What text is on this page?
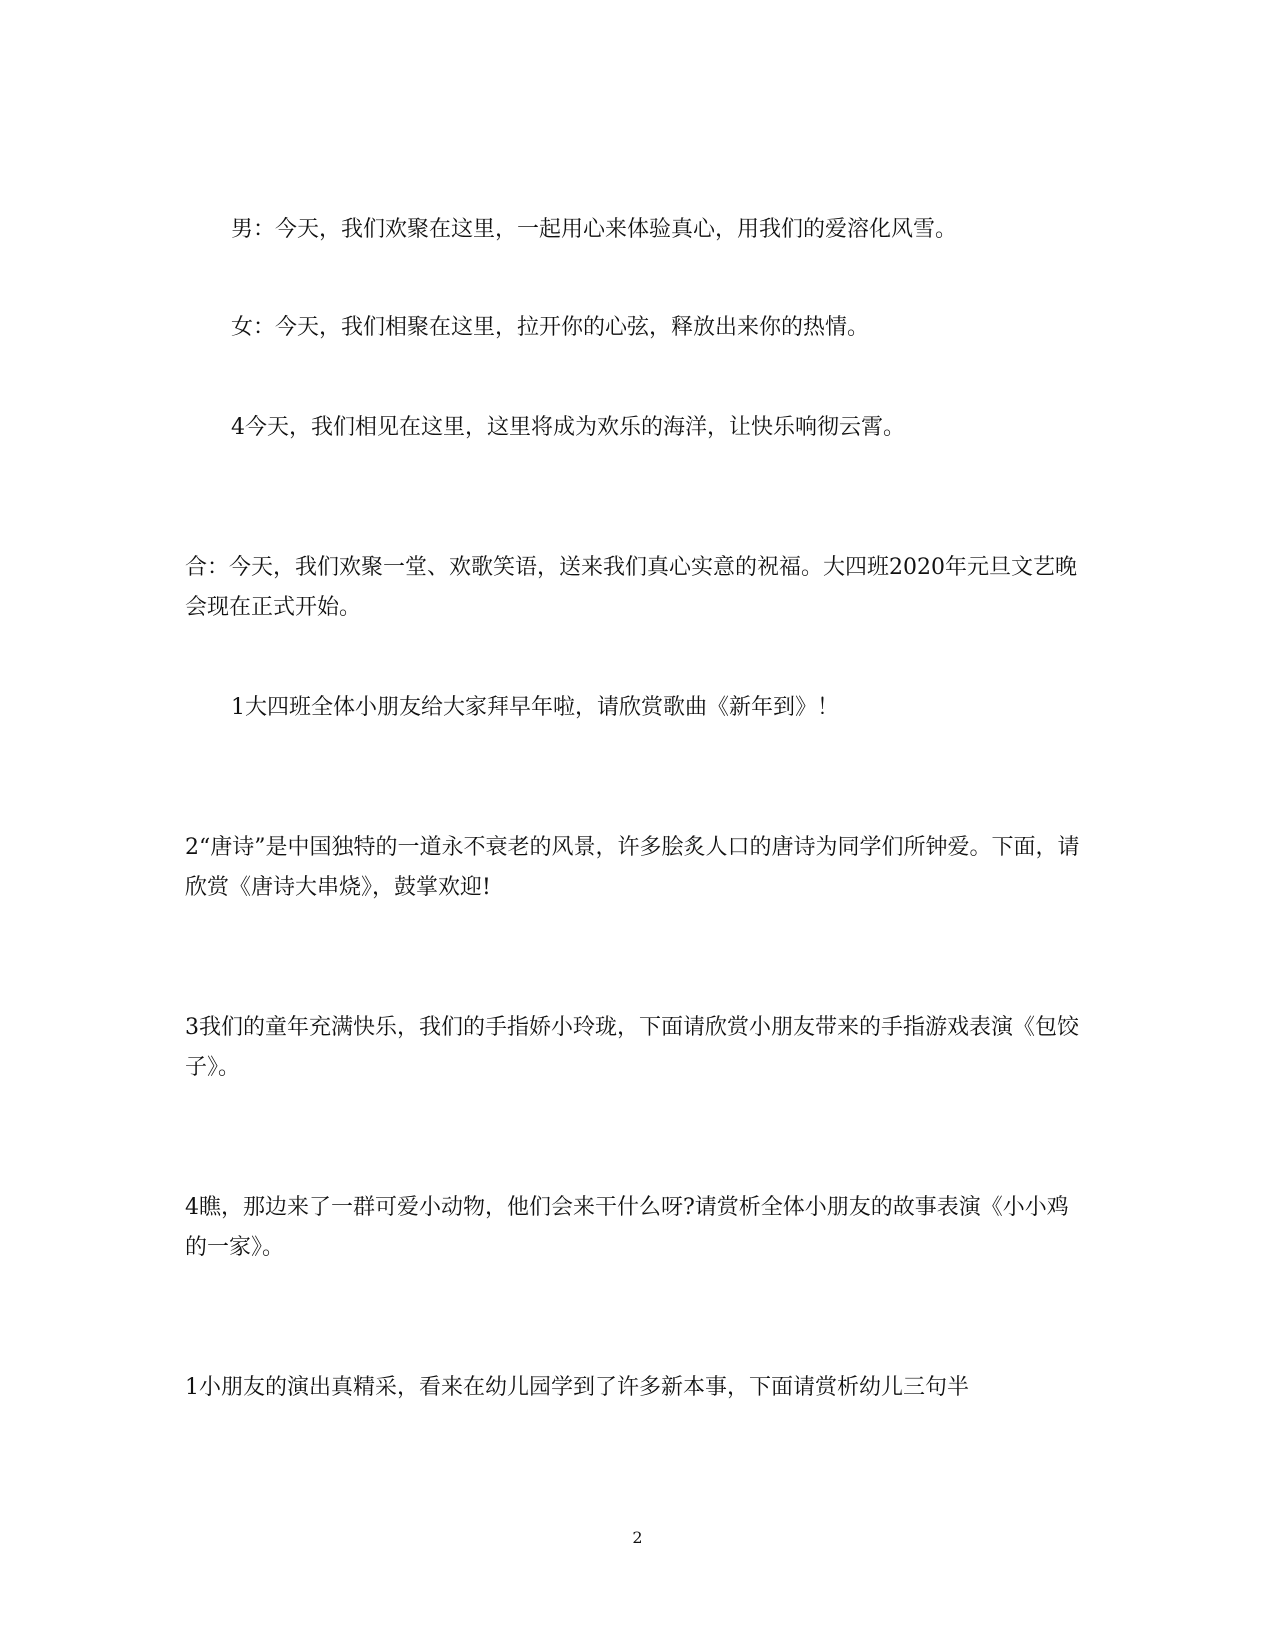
男：今天，我们欢聚在这里，一起用心来体验真心，用我们的爱溶化风雪。

女：今天，我们相聚在这里，拉开你的心弦，释放出来你的热情。

4今天，我们相见在这里，这里将成为欢乐的海洋，让快乐响彻云霄。

合：今天，我们欢聚一堂、欢歌笑语，送来我们真心实意的祝福。大四班2020年元旦文艺晚会现在正式开始。

1大四班全体小朋友给大家拜早年啦，请欣赏歌曲《新年到》！

2“唐诗”是中国独特的一道永不衰老的风景，许多脍炙人口的唐诗为同学们所钟爱。下面，请欣赏《唐诗大串烧》，鼓掌欢迎!

3我们的童年充满快乐，我们的手指娇小玲珑，下面请欣赏小朋友带来的手指游戏表演《包饺子》。

4瞧，那边来了一群可爱小动物，他们会来干什么呀?请赏析全体小朋友的故事表演《小小鸡的一家》。

1小朋友的演出真精采，看来在幼儿园学到了许多新本事，下面请赏析幼儿三句半

2
